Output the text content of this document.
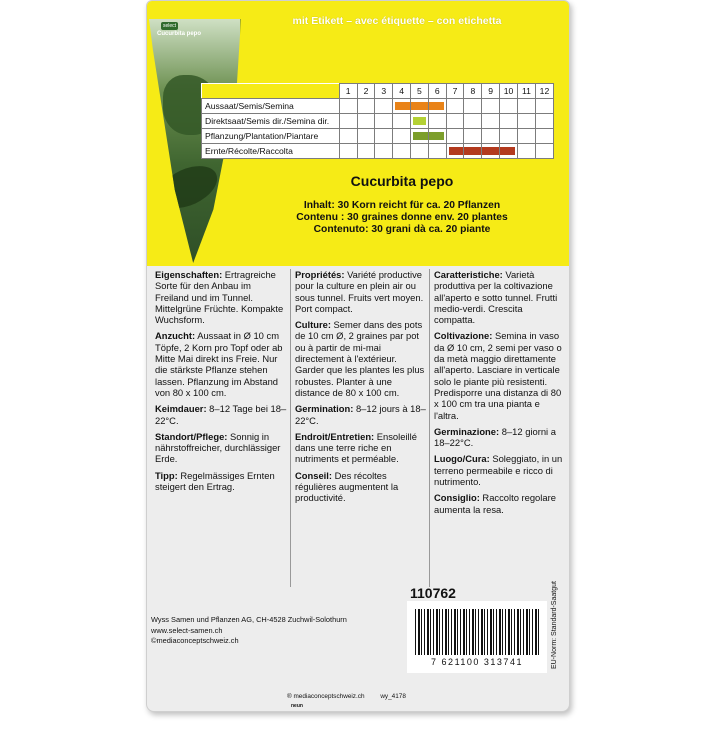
mit Etikett – avec étiquette – con etichetta
select
Cucurbita pepo
	1	2	3	4	5	6	7	8	9	10	11	12
Aussaat/Semis/Semina				

Direktsaat/Semis dir./Semina dir.					

Pflanzung/Plantation/Piantare					

Ernte/Récolte/Raccolta							

Cucurbita pepo
Inhalt: 30 Korn reicht für ca. 20 Pflanzen
Contenu : 30 graines donne env. 20 plantes
Contenuto: 30 grani dà ca. 20 piante
Eigenschaften: Ertragreiche Sorte für den Anbau im Freiland und im Tunnel. Mittelgrüne Früchte. Kompakte Wuchsform.
Anzucht: Aussaat in Ø 10 cm Töpfe, 2 Korn pro Topf oder ab Mitte Mai direkt ins Freie. Nur die stärkste Pflanze stehen lassen. Pflanzung im Abstand von 80 x 100 cm.
Keimdauer: 8–12 Tage bei 18–22°C.
Standort/Pflege: Sonnig in nährstoffreicher, durchlässiger Erde.
Tipp: Regelmässiges Ernten steigert den Ertrag.
Propriétés: Variété productive pour la culture en plein air ou sous tunnel. Fruits vert moyen. Port compact.
Culture: Semer dans des pots de 10 cm Ø, 2 graines par pot ou à partir de mi-mai directement à l'extérieur. Garder que les plantes les plus robustes. Planter à une distance de 80 x 100 cm.
Germination: 8–12 jours à 18–22°C.
Endroit/Entretien: Ensoleillé dans une terre riche en nutriments et perméable.
Conseil: Des récoltes régulières augmentent la productivité.
Caratteristiche: Varietà produttiva per la coltivazione all'aperto e sotto tunnel. Frutti medio-verdi. Crescita compatta.
Coltivazione: Semina in vaso da Ø 10 cm, 2 semi per vaso o da metà maggio direttamente all'aperto. Lasciare in verticale solo le piante più resistenti. Predisporre una distanza di 80 x 100 cm tra una pianta e l'altra.
Germinazione: 8–12 giorni a 18–22°C.
Luogo/Cura: Soleggiato, in un terreno permeabile e ricco di nutrimento.
Consiglio: Raccolto regolare aumenta la resa.
110762
Wyss Samen und Pflanzen AG, CH-4528 Zuchwil-Solothurn
www.select-samen.ch
©mediaconceptschweiz.ch
7 621100 313741	EU-Norm: Standard-Saatgut
® mediaconceptschweiz.ch wy_4178
neun
